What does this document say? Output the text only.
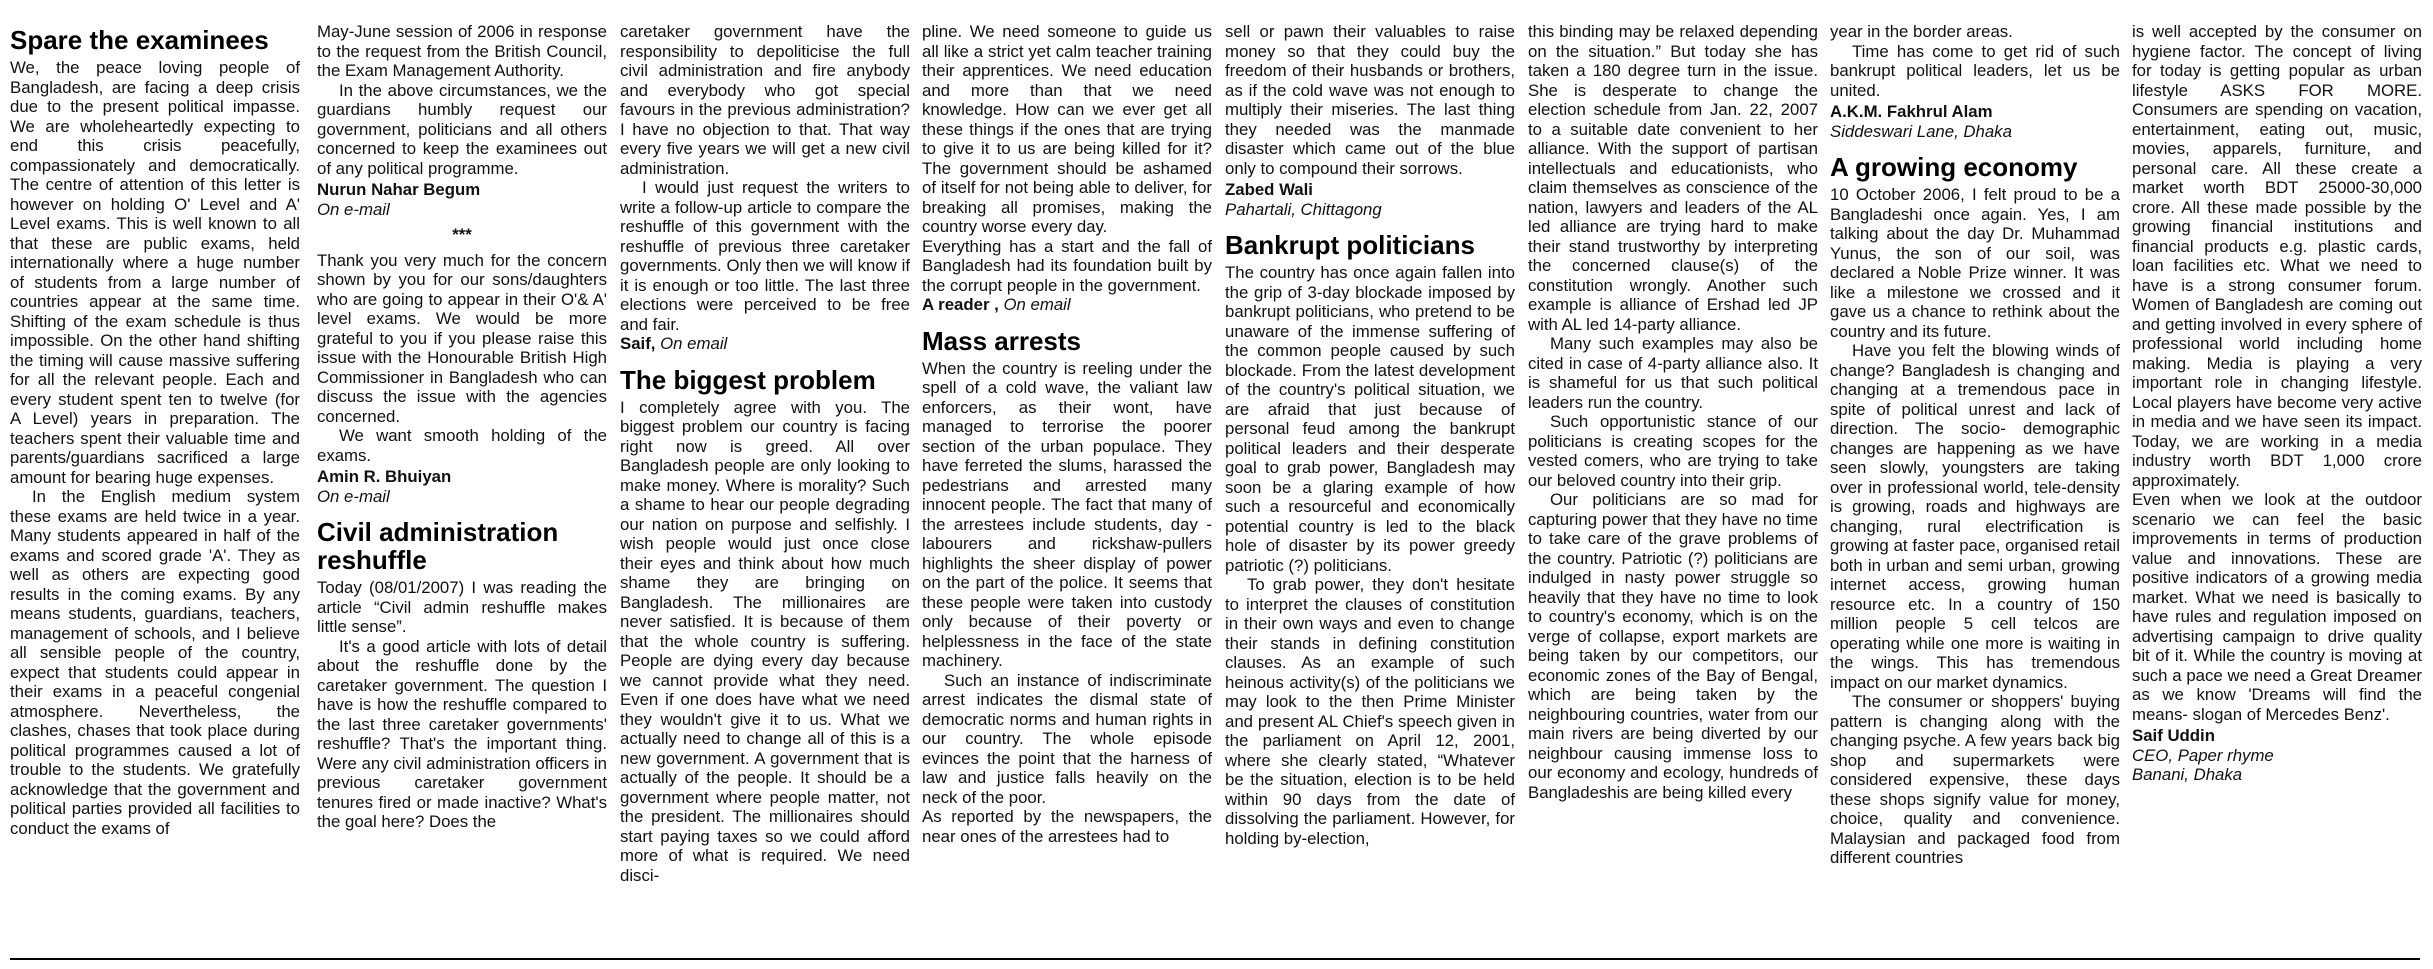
Spare the examinees

We, the peace loving people of Bangladesh, are facing a deep crisis due to the present political impasse. We are wholeheartedly expecting to end this crisis peacefully, compassionately and democratically. The centre of attention of this letter is however on holding O' Level and A' Level exams. This is well known to all that these are public exams, held internationally where a huge number of students from a large number of countries appear at the same time. Shifting of the exam schedule is thus impossible. On the other hand shifting the timing will cause massive suffering for all the relevant people. Each and every student spent ten to twelve (for A Level) years in preparation. The teachers spent their valuable time and parents/guardians sacrificed a large amount for bearing huge expenses.

In the English medium system these exams are held twice in a year. Many students appeared in half of the exams and scored grade 'A'. They as well as others are expecting good results in the coming exams. By any means students, guardians, teachers, management of schools, and I believe all sensible people of the country, expect that students could appear in their exams in a peaceful congenial atmosphere. Nevertheless, the clashes, chases that took place during political programmes caused a lot of trouble to the students. We gratefully acknowledge that the government and political parties provided all facilities to conduct the exams of

May-June session of 2006 in response to the request from the British Council, the Exam Management Authority.

In the above circumstances, we the guardians humbly request our government, politicians and all others concerned to keep the examinees out of any political programme.

Nurun Nahar Begum
On e-mail
***

Thank you very much for the concern shown by you for our sons/daughters who are going to appear in their O'& A' level exams. We would be more grateful to you if you please raise this issue with the Honourable British High Commissioner in Bangladesh who can discuss the issue with the agencies concerned.

We want smooth holding of the exams.

Amin R. Bhuiyan
On e-mail
Civil administration reshuffle

Today (08/01/2007) I was reading the article “Civil admin reshuffle makes little sense”.

It's a good article with lots of detail about the reshuffle done by the caretaker government. The question I have is how the reshuffle compared to the last three caretaker governments' reshuffle? That's the important thing. Were any civil administration officers in previous caretaker government tenures fired or made inactive? What's the goal here? Does the

caretaker government have the responsibility to depoliticise the full civil administration and fire anybody and everybody who got special favours in the previous administration? I have no objection to that. That way every five years we will get a new civil administration.

I would just request the writers to write a follow-up article to compare the reshuffle of this government with the reshuffle of previous three caretaker governments. Only then we will know if it is enough or too little. The last three elections were perceived to be free and fair.

Saif, On email
The biggest problem

I completely agree with you. The biggest problem our country is facing right now is greed. All over Bangladesh people are only looking to make money. Where is morality? Such a shame to hear our people degrading our nation on purpose and selfishly. I wish people would just once close their eyes and think about how much shame they are bringing on Bangladesh. The millionaires are never satisfied. It is because of them that the whole country is suffering. People are dying every day because we cannot provide what they need. Even if one does have what we need they wouldn't give it to us. What we actually need to change all of this is a new government. A government that is actually of the people. It should be a government where people matter, not the president. The millionaires should start paying taxes so we could afford more of what is required. We need disci-

pline. We need someone to guide us all like a strict yet calm teacher training their apprentices. We need education and more than that we need knowledge. How can we ever get all these things if the ones that are trying to give it to us are being killed for it? The government should be ashamed of itself for not being able to deliver, for breaking all promises, making the country worse every day.

Everything has a start and the fall of Bangladesh had its foundation built by the corrupt people in the government.

A reader , On email
Mass arrests

When the country is reeling under the spell of a cold wave, the valiant law enforcers, as their wont, have managed to terrorise the poorer section of the urban populace. They have ferreted the slums, harassed the pedestrians and arrested many innocent people. The fact that many of the arrestees include students, day -labourers and rickshaw-pullers highlights the sheer display of power on the part of the police. It seems that these people were taken into custody only because of their poverty or helplessness in the face of the state machinery.

Such an instance of indiscriminate arrest indicates the dismal state of democratic norms and human rights in our country. The whole episode evinces the point that the harness of law and justice falls heavily on the neck of the poor.

As reported by the newspapers, the near ones of the arrestees had to

sell or pawn their valuables to raise money so that they could buy the freedom of their husbands or brothers, as if the cold wave was not enough to multiply their miseries. The last thing they needed was the manmade disaster which came out of the blue only to compound their sorrows.

Zabed Wali
Pahartali, Chittagong
Bankrupt politicians

The country has once again fallen into the grip of 3-day blockade imposed by bankrupt politicians, who pretend to be unaware of the immense suffering of the common people caused by such blockade. From the latest development of the country's political situation, we are afraid that just because of personal feud among the bankrupt political leaders and their desperate goal to grab power, Bangladesh may soon be a glaring example of how such a resourceful and economically potential country is led to the black hole of disaster by its power greedy patriotic (?) politicians.

To grab power, they don't hesitate to interpret the clauses of constitution in their own ways and even to change their stands in defining constitution clauses. As an example of such heinous activity(s) of the politicians we may look to the then Prime Minister and present AL Chief's speech given in the parliament on April 12, 2001, where she clearly stated, “Whatever be the situation, election is to be held within 90 days from the date of dissolving the parliament. However, for holding by-election,

this binding may be relaxed depending on the situation.” But today she has taken a 180 degree turn in the issue. She is desperate to change the election schedule from Jan. 22, 2007 to a suitable date convenient to her alliance. With the support of partisan intellectuals and educationists, who claim themselves as conscience of the nation, lawyers and leaders of the AL led alliance are trying hard to make their stand trustworthy by interpreting the concerned clause(s) of the constitution wrongly. Another such example is alliance of Ershad led JP with AL led 14-party alliance.

Many such examples may also be cited in case of 4-party alliance also. It is shameful for us that such political leaders run the country.

Such opportunistic stance of our politicians is creating scopes for the vested comers, who are trying to take our beloved country into their grip.

Our politicians are so mad for capturing power that they have no time to take care of the grave problems of the country. Patriotic (?) politicians are indulged in nasty power struggle so heavily that they have no time to look to country's economy, which is on the verge of collapse, export markets are being taken by our competitors, our economic zones of the Bay of Bengal, which are being taken by the neighbouring countries, water from our main rivers are being diverted by our neighbour causing immense loss to our economy and ecology, hundreds of Bangladeshis are being killed every

year in the border areas.

Time has come to get rid of such bankrupt political leaders, let us be united.

A.K.M. Fakhrul Alam
Siddeswari Lane, Dhaka
A growing economy

10 October 2006, I felt proud to be a Bangladeshi once again. Yes, I am talking about the day Dr. Muhammad Yunus, the son of our soil, was declared a Noble Prize winner. It was like a milestone we crossed and it gave us a chance to rethink about the country and its future.

Have you felt the blowing winds of change? Bangladesh is changing and changing at a tremendous pace in spite of political unrest and lack of direction. The socio- demographic changes are happening as we have seen slowly, youngsters are taking over in professional world, tele-density is growing, roads and highways are changing, rural electrification is growing at faster pace, organised retail both in urban and semi urban, growing internet access, growing human resource etc. In a country of 150 million people 5 cell telcos are operating while one more is waiting in the wings. This has tremendous impact on our market dynamics.

The consumer or shoppers' buying pattern is changing along with the changing psyche. A few years back big shop and supermarkets were considered expensive, these days these shops signify value for money, choice, quality and convenience. Malaysian and packaged food from different countries

is well accepted by the consumer on hygiene factor. The concept of living for today is getting popular as urban lifestyle ASKS FOR MORE. Consumers are spending on vacation, entertainment, eating out, music, movies, apparels, furniture, and personal care. All these create a market worth BDT 25000-30,000 crore. All these made possible by the growing financial institutions and financial products e.g. plastic cards, loan facilities etc. What we need to have is a strong consumer forum. Women of Bangladesh are coming out and getting involved in every sphere of professional world including home making. Media is playing a very important role in changing lifestyle. Local players have become very active in media and we have seen its impact. Today, we are working in a media industry worth BDT 1,000 crore approximately.

Even when we look at the outdoor scenario we can feel the basic improvements in terms of production value and innovations. These are positive indicators of a growing media market. What we need is basically to have rules and regulation imposed on advertising campaign to drive quality bit of it. While the country is moving at such a pace we need a Great Dreamer as we know 'Dreams will find the means- slogan of Mercedes Benz'.

Saif Uddin
CEO, Paper rhyme
Banani, Dhaka
